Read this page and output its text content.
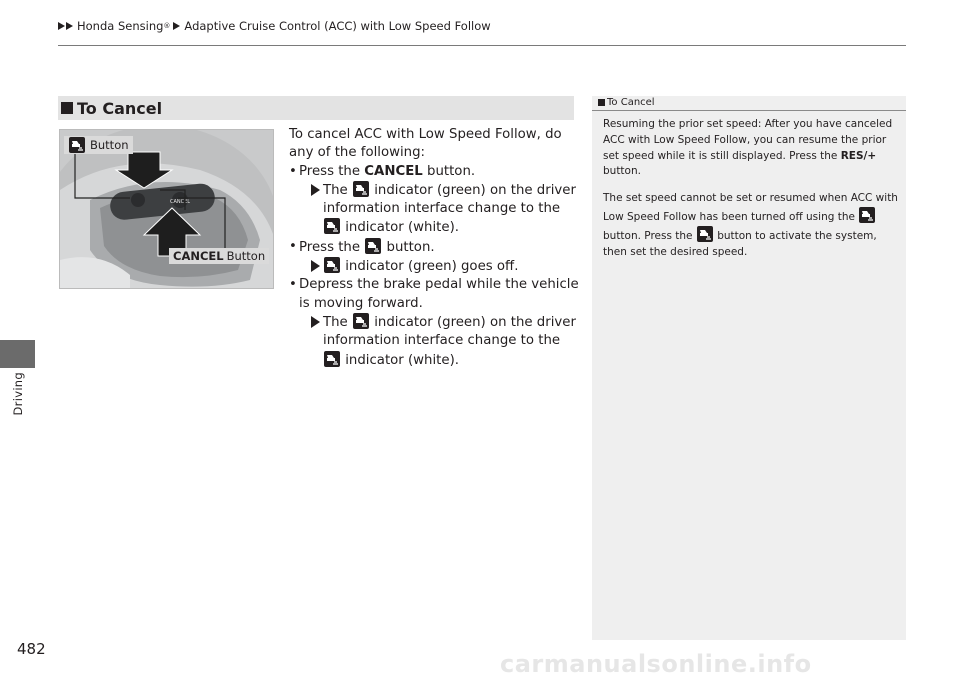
Honda Sensing ® Adaptive Cruise Control (ACC) with Low Speed Follow
Driving
482
To Cancel
CANCEL
Button
CANCEL Button

To cancel ACC with Low Speed Follow, do any of the following:

• Press the CANCEL button.

The
indicator (green) on the driver information interface change to the
indicator (white).

• Press the
button.

indicator (green) goes off.

• Depress the brake pedal while the vehicle is moving forward.

The
indicator (green) on the driver information interface change to the
indicator (white).

To Cancel

Resuming the prior set speed: After you have canceled ACC with Low Speed Follow, you can resume the prior set speed while it is still displayed. Press the RES/+ button.

The set speed cannot be set or resumed when ACC with Low Speed Follow has been turned off using the
button. Press the
button to activate the system, then set the desired speed.

carmanualsonline.info
